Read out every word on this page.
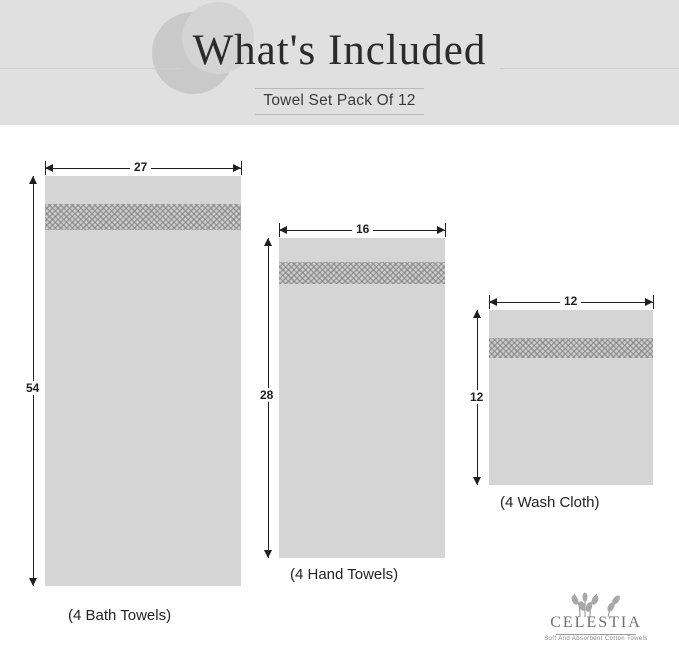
What's Included
Towel Set Pack Of 12
27
54
(4 Bath Towels)
16
28
(4 Hand Towels)
12
12
(4 Wash Cloth)
CELESTIA
Soft And Absorbent Cotton Towels
